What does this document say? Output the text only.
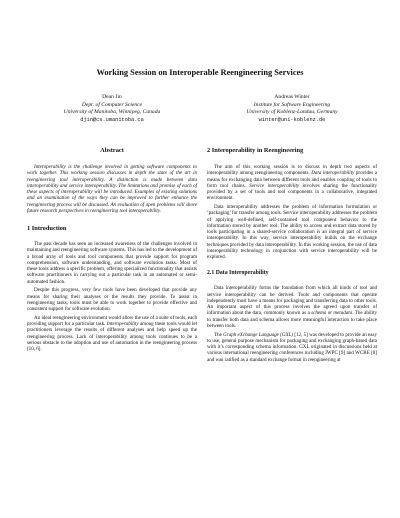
Working Session on Interoperable Reengineering Services
Dean Jin
Dept. of Computer Science
University of Manitoba, Winnipeg, Canada
djin@cs.umanitoba.ca
Andreas Winter
Institute for Software Engineering
University of Koblenz-Landau, Germany
winter@uni-koblenz.de
Abstract

Interoperability is the challenge involved in getting software components to work together. This working session discusses in depth the state of the art in reengineering tool interoperability. A distinction is made between data interoperability and service interoperability. The limitations and promise of each of these aspects of interoperability will be introduced. Examples of existing solutions and an examination of the ways they can be improved to further enhance the reengineering process will be discussed. An evaluation of open problems will shore future research perspectives in reengineering tool interoperability.

1 Introduction

The past decade has seen an increased awareness of the challenges involved in maintaining and reengineering software systems. This has led to the development of a broad array of tools and tool components that provide support for program comprehension, software understanding, and software evolution tasks. Most of these tools address a specific problem, offering specialized functionality that assists software practitioners in carrying out a particular task in an automated or semi-automated fashion.

Despite this progress, very few tools have been developed that provide any means for sharing their analyses or the results they provide. To assist in reengineering tasks, tools must be able to work together to provide effective and consistent support for software evolution.

An ideal reengineering environment would allow the use of a suite of tools, each providing support for a particular task. Interoperability among these tools would let practitioners leverage the results of different analyses and help speed up the reengineering process. Lack of interoperability among tools continues to be a serious obstacle to the adoption and use of automation in the reengineering process [10, 6].

2 Interoperability in Reengineering

The aim of this working session is to discuss in depth two aspects of interoperability among reengineering components. Data interoperability provides a means for exchanging data between different tools and enables coupling of tools to form tool chains. Service interoperability involves sharing the functionality provided by a set of tools and tool components in a collaborative, integrated environment.

Data interoperability addresses the problem of information formulation or ‘packaging’ for transfer among tools. Service interoperability addresses the problem of applying well-defined, self-contained tool component behavior to the information stored by another tool. The ability to access and extract data stored by tools participating in a shared-service collaboration is an integral part of service interoperability. In this way, service interoperability builds on the exchange techniques provided by data interoperability. In this working session, the use of data interoperability technology in conjunction with service interoperability will be explored.

2.1 Data Interoperability

Data interoperability forms the foundation from which all kinds of tool and service interoperability can be derived. Tools and components that operate independently must have a means for packaging and transferring data to other tools. An important aspect of this process involves the agreed upon transfer of information about the data, commonly known as a schema or metadata. The ability to transfer both data and schema allows more meaningful interaction to take place between tools.

The Graph eXchange Language (GXL) [12, 5] was developed to provide an easy to use, general purpose mechanism for packaging and exchanging graph-based data with it’s corresponding schema information. GXL originated in discussions held at various international reengineering conferences including IWPC [9] and WCRE [8] and was ratified as a standard exchange format in reengineering at
